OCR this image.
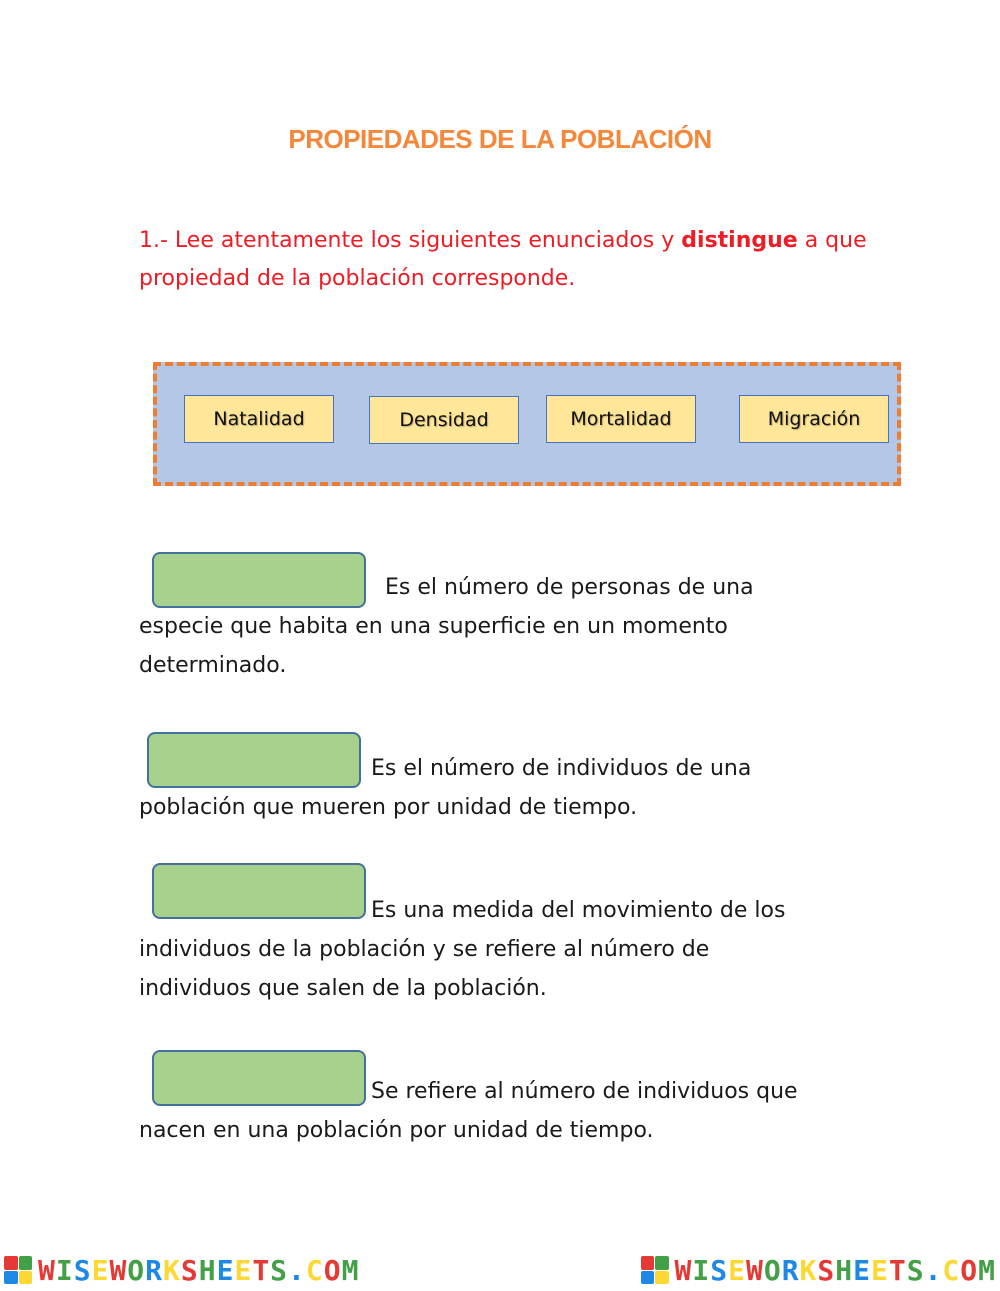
PROPIEDADES DE LA POBLACIÓN
1.- Lee atentamente los siguientes enunciados y distingue a que propiedad de la población corresponde.
Natalidad	Densidad	Mortalidad	Migración
Es el número de personas de una
especie que habita en una superficie en un momento
determinado.
Es el número de individuos de una
población que mueren por unidad de tiempo.
Es una medida del movimiento de los
individuos de la población y se refiere al número de
individuos que salen de la población.
Se refiere al número de individuos que
nacen en una población por unidad de tiempo.
WISEWORKSHEETS.COM	WISEWORKSHEETS.COM
